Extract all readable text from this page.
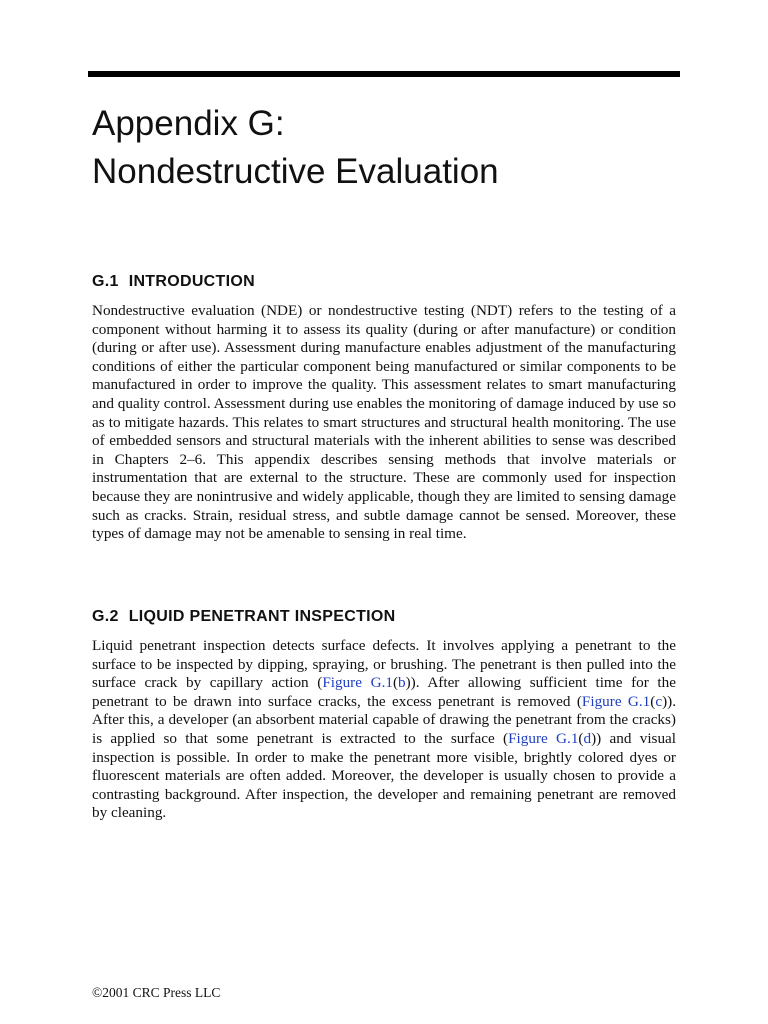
Appendix G:
Nondestructive Evaluation
G.1 INTRODUCTION

Nondestructive evaluation (NDE) or nondestructive testing (NDT) refers to the testing of a component without harming it to assess its quality (during or after manufacture) or condition (during or after use). Assessment during manufacture enables adjustment of the manufacturing conditions of either the particular component being manufactured or similar components to be manufactured in order to improve the quality. This assessment relates to smart manufacturing and quality control. Assessment during use enables the monitoring of damage induced by use so as to mitigate hazards. This relates to smart structures and structural health monitoring. The use of embedded sensors and structural materials with the inherent abilities to sense was described in Chapters 2–6. This appendix describes sensing methods that involve materials or instrumentation that are external to the structure. These are commonly used for inspection because they are nonintrusive and widely applicable, though they are limited to sensing damage such as cracks. Strain, residual stress, and subtle damage cannot be sensed. Moreover, these types of damage may not be amenable to sensing in real time.

G.2 LIQUID PENETRANT INSPECTION

Liquid penetrant inspection detects surface defects. It involves applying a penetrant to the surface to be inspected by dipping, spraying, or brushing. The penetrant is then pulled into the surface crack by capillary action (Figure G.1(b)). After allowing sufficient time for the penetrant to be drawn into surface cracks, the excess penetrant is removed (Figure G.1(c)). After this, a developer (an absorbent material capable of drawing the penetrant from the cracks) is applied so that some penetrant is extracted to the surface (Figure G.1(d)) and visual inspection is possible. In order to make the penetrant more visible, brightly colored dyes or fluorescent materials are often added. Moreover, the developer is usually chosen to provide a contrasting background. After inspection, the developer and remaining penetrant are removed by cleaning.

©2001 CRC Press LLC
